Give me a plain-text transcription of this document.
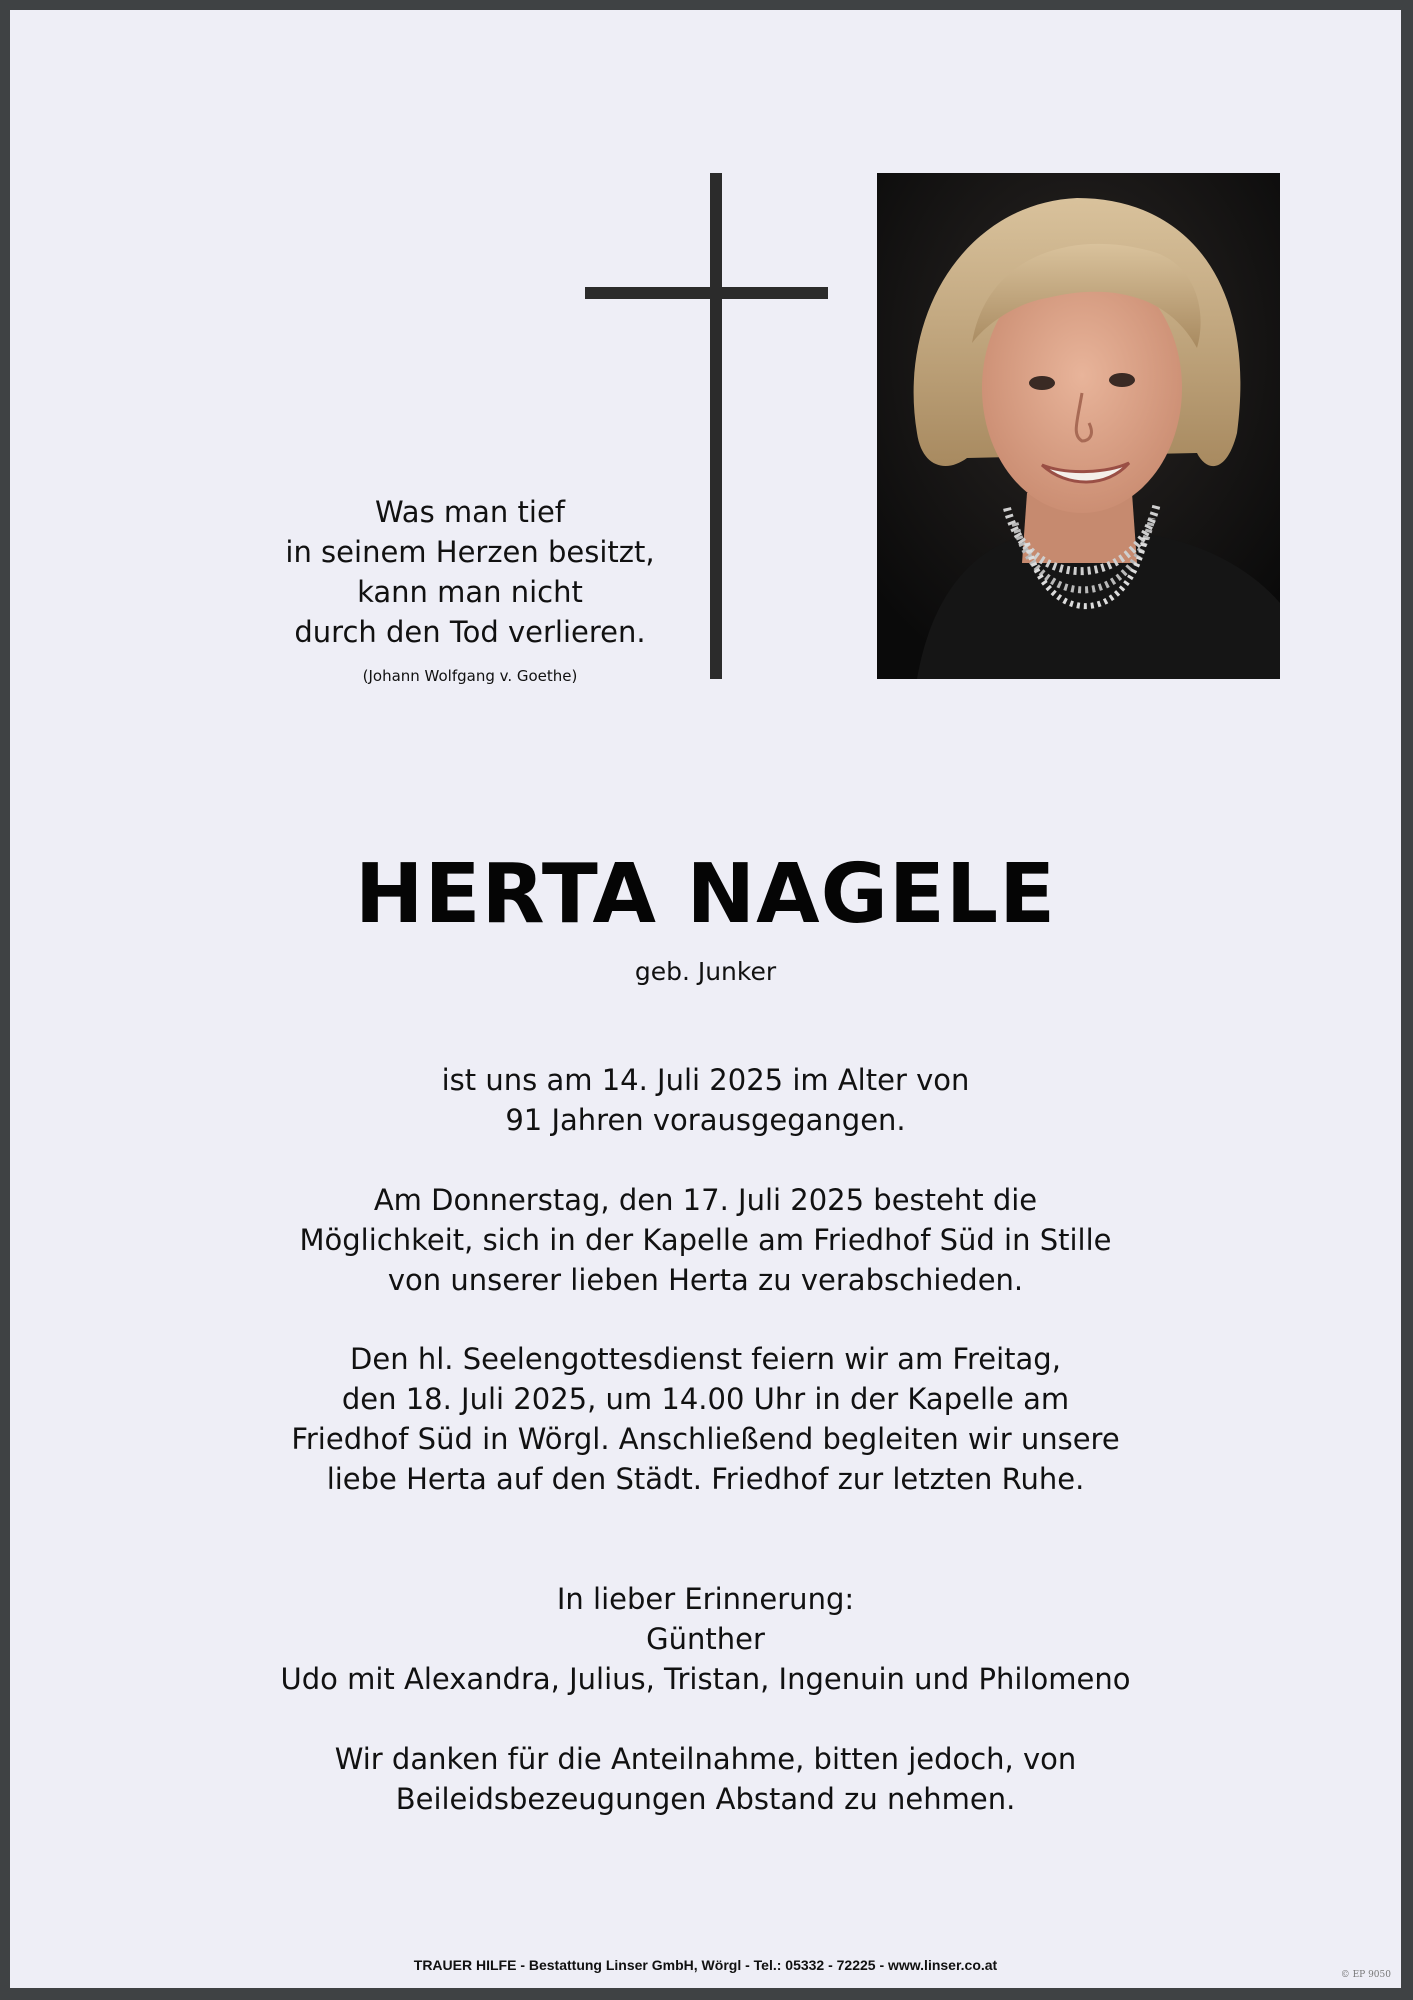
Was man tief
in seinem Herzen besitzt,
kann man nicht
durch den Tod verlieren.
(Johann Wolfgang v. Goethe)
HERTA NAGELE
geb. Junker
ist uns am 14. Juli 2025 im Alter von
91 Jahren vorausgegangen.
Am Donnerstag, den 17. Juli 2025 besteht die
Möglichkeit, sich in der Kapelle am Friedhof Süd in Stille
von unserer lieben Herta zu verabschieden.
Den hl. Seelengottesdienst feiern wir am Freitag,
den 18. Juli 2025, um 14.00 Uhr in der Kapelle am
Friedhof Süd in Wörgl. Anschließend begleiten wir unsere
liebe Herta auf den Städt. Friedhof zur letzten Ruhe.
In lieber Erinnerung:
Günther
Udo mit Alexandra, Julius, Tristan, Ingenuin und Philomeno
Wir danken für die Anteilnahme, bitten jedoch, von
Beileidsbezeugungen Abstand zu nehmen.
TRAUER HILFE - Bestattung Linser GmbH, Wörgl - Tel.: 05332 - 72225 - www.linser.co.at
© EP 9050
